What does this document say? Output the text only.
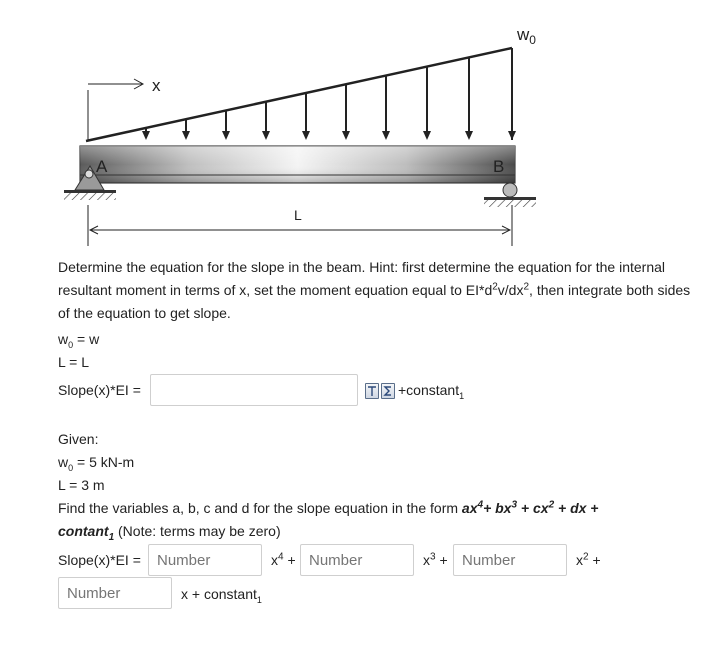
x
$w_0$
A	B
L
Determine the equation for the slope in the beam. Hint: first determine the equation for the internal resultant moment in terms of x, set the moment equation equal to $EI*d^2v/dx^2$, then integrate both sides of the equation to get slope.
$w_0 = w$
L = L
Slope(x)*EI =	+constant$_1$
Given:
$w_0 = 5$ kN-m
L = 3 m
Find the variables a, b, c and d for the slope equation in the form $ax^4+ bx^3 + cx^2$ + dx +
contant$_1$ (Note: terms may be zero)
Slope(x)*EI =
Number	$x^4$ +
Number	$x^3$ +
Number	$x^2$ +
Number
x + constant$_1$
